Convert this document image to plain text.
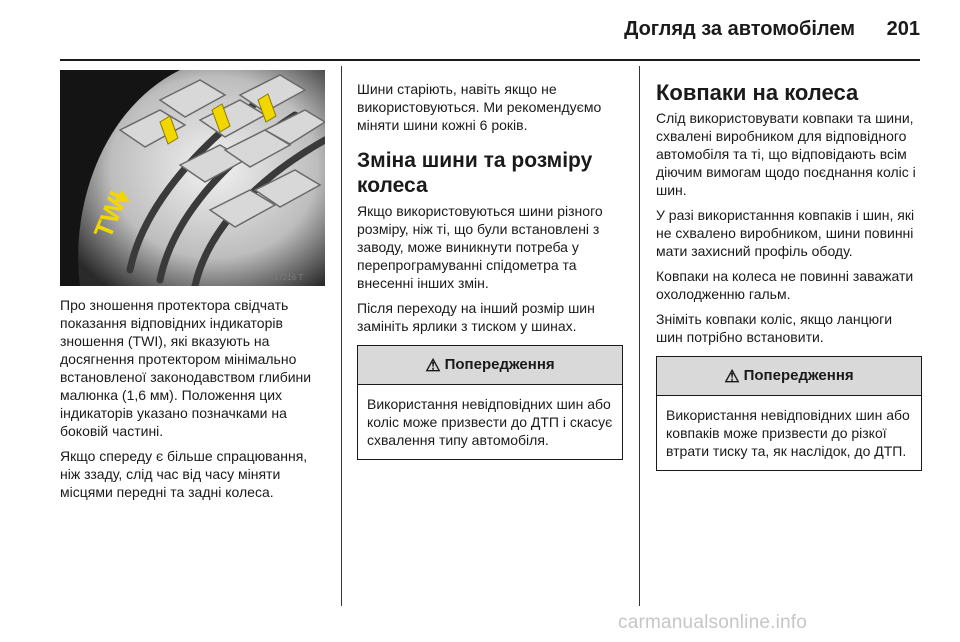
Догляд за автомобілем	201
TWI
17216 T

Про зношення протектора свідчать показання відповідних індикаторів зношення (TWI), які вказують на досягнення протектором мінімально встановленої законодавством глибини малюнка (1,6 мм). Положення цих індикаторів указано позначками на боковій частині.

Якщо спереду є більше спрацювання, ніж ззаду, слід час від часу міняти місцями передні та задні колеса.

Шини старіють, навіть якщо не використовуються. Ми рекомендуємо міняти шини кожні 6 років.

Зміна шини та розміру колеса

Якщо використовуються шини різного розміру, ніж ті, що були встановлені з заводу, може виникнути потреба у перепрограмуванні спідометра та внесенні інших змін.

Після переходу на інший розмір шин замініть ярлики з тиском у шинах.

⚠ Попередження
Використання невідповідних шин або коліс може призвести до ДТП і скасує схвалення типу автомобіля.
Ковпаки на колеса

Слід використовувати ковпаки та шини, схвалені виробником для відповідного автомобіля та ті, що відповідають всім діючим вимогам щодо поєднання коліс і шин.

У разі використанння ковпаків і шин, які не схвалено виробником, шини повинні мати захисний профіль ободу.

Ковпаки на колеса не повинні заважати охолодженню гальм.

Зніміть ковпаки коліс, якщо ланцюги шин потрібно встановити.

⚠ Попередження
Використання невідповідних шин або ковпаків може призвести до різкої втрати тиску та, як наслідок, до ДТП.
carmanualsonline.info
